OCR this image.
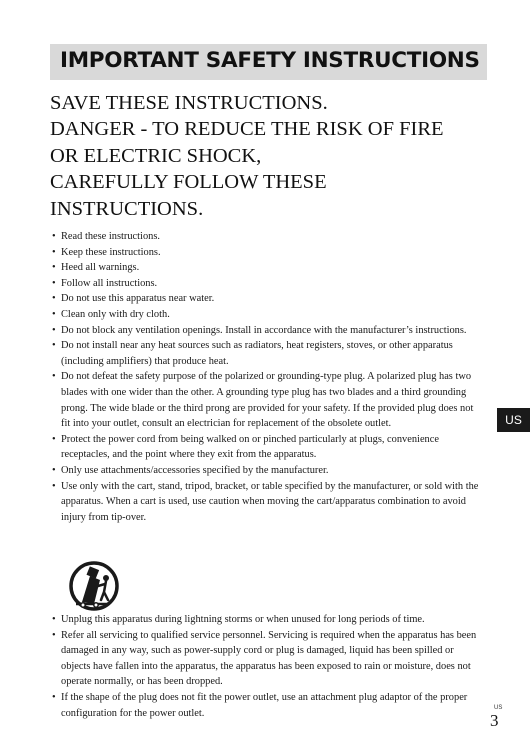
IMPORTANT SAFETY INSTRUCTIONS
SAVE THESE INSTRUCTIONS.
DANGER - TO REDUCE THE RISK OF FIRE
OR ELECTRIC SHOCK,
CAREFULLY FOLLOW THESE
INSTRUCTIONS.
• Read these instructions.
• Keep these instructions.
• Heed all warnings.
• Follow all instructions.
• Do not use this apparatus near water.
• Clean only with dry cloth.
• Do not block any ventilation openings. Install in accordance with the manufacturer’s instructions.
• Do not install near any heat sources such as radiators, heat registers, stoves, or other apparatus (including amplifiers) that produce heat.
• Do not defeat the safety purpose of the polarized or grounding-type plug. A polarized plug has two blades with one wider than the other. A grounding type plug has two blades and a third grounding prong. The wide blade or the third prong are provided for your safety. If the provided plug does not fit into your outlet, consult an electrician for replacement of the obsolete outlet.
• Protect the power cord from being walked on or pinched particularly at plugs, convenience receptacles, and the point where they exit from the apparatus.
• Only use attachments/accessories specified by the manufacturer.
• Use only with the cart, stand, tripod, bracket, or table specified by the manufacturer, or sold with the apparatus. When a cart is used, use caution when moving the cart/apparatus combination to avoid injury from tip-over.
• Unplug this apparatus during lightning storms or when unused for long periods of time.
• Refer all servicing to qualified service personnel. Servicing is required when the apparatus has been damaged in any way, such as power-supply cord or plug is damaged, liquid has been spilled or objects have fallen into the apparatus, the apparatus has been exposed to rain or moisture, does not operate normally, or has been dropped.
• If the shape of the plug does not fit the power outlet, use an attachment plug adaptor of the proper configuration for the power outlet.
US
US
3
